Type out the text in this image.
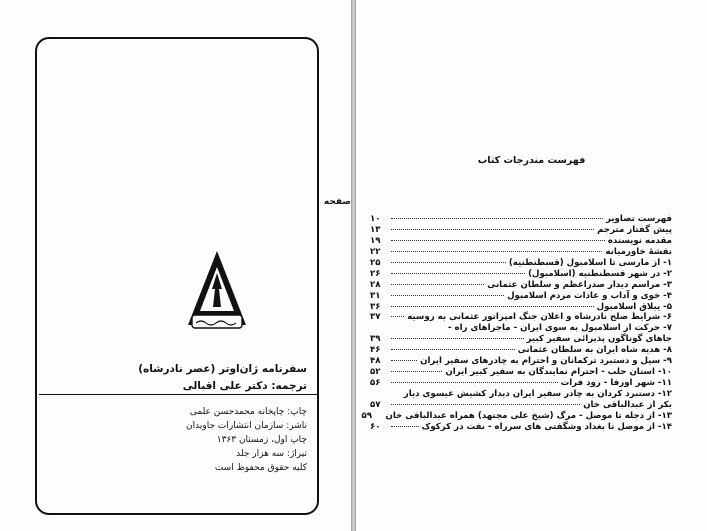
سفرنامه ژان‌اوتر (عصر نادرشاه)
ترجمه: دکتر علی اقبالی
چاپ: چاپخانه محمدحسن علمی
ناشر: سازمان انتشارات جاویدان
چاپ اول، زمستان ۱۳۶۳
تیراژ: سه هزار جلد
کلیه حقوق محفوظ است
فهرست مندرجات کتاب
صفحه
فهرست تصاویر
۱۰
پیش گفتار مترجم
۱۳
مقدمه نویسنده
۱۹
نقشهٔ خاورمیانه
۲۲
۱- از مارسی تا اسلامبول (قسطنطنیه)
۲۵
۲- در شهر قسطنطنیه (اسلامبول)
۲۶
۳- مراسم دیدار صدراعظم و سلطان عثمانی
۲۸
۴- خوی و آداب و عادات مردم اسلامبول
۳۱
۵- ییلاق اسلامبول
۳۶
۶- شرایط صلح نادرشاه و اعلان جنگ امپراتور عثمانی به روسیه
۳۷
۷- حرکت از اسلامبول به سوی ایران - ماجراهای راه -
جاهای گوناگون پذیرائی سفیر کبیر
۳۹
۸- هدیه شاه ایران به سلطان عثمانی
۴۶
۹- سیل و دستبرد ترکمانان و احترام به چادرهای سفیر ایران
۴۸
۱۰- استان حلب - احترام نمایندگان به سفیر کبیر ایران
۵۲
۱۱- شهر اورفا - رود فرات
۵۶
۱۲- دستبرد کردان به چادر سفیر ایران دیدار کشیش عیسوی دیار
بکر از عبدالباقی خان
۵۷
۱۳- از دجله تا موصل - مرگ (شیخ علی مجتهد) همراه عبدالباقی خان
۵۹
۱۴- از موصل تا بغداد وشگفتی های سرراه - نفت در کرکوک
۶۰
